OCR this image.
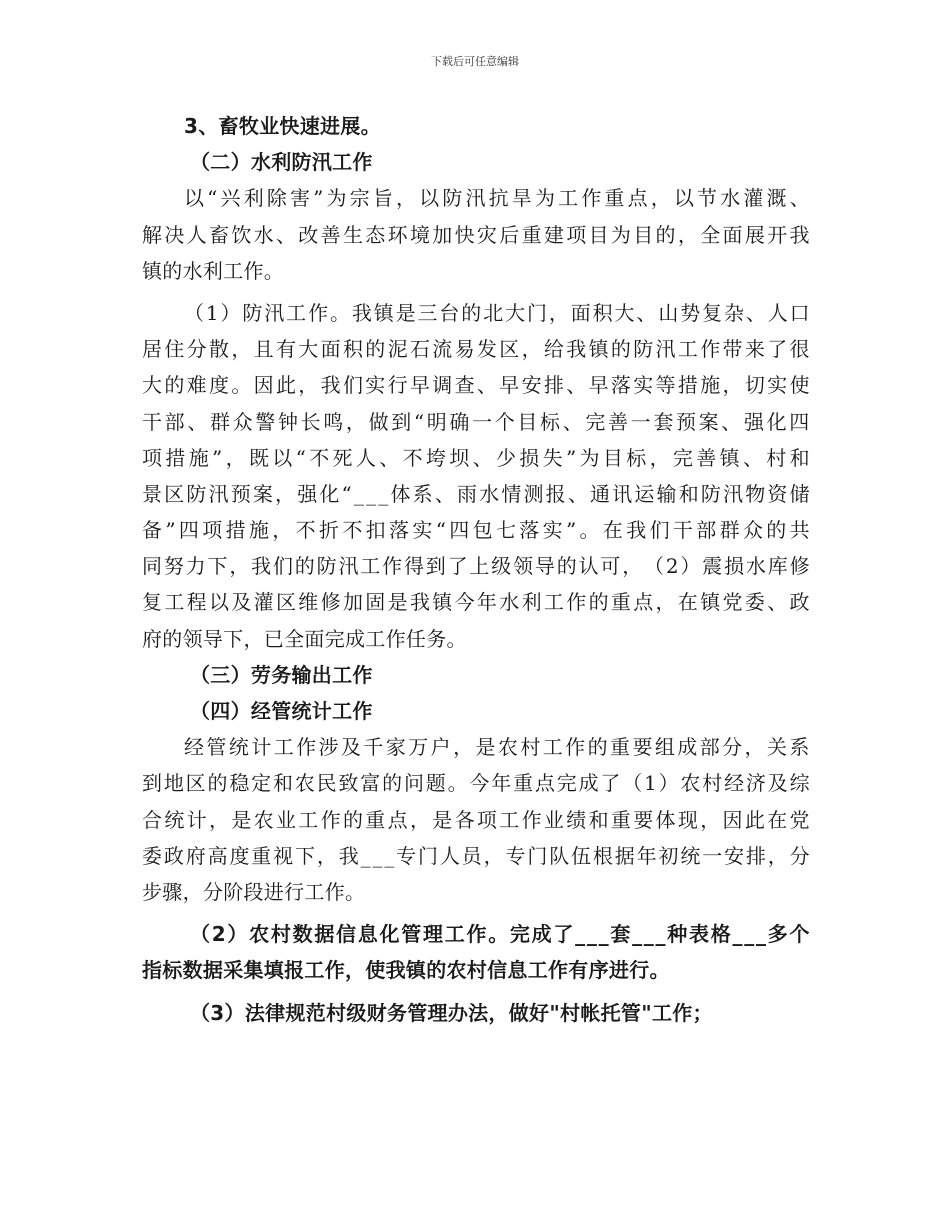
下载后可任意编辑
3、畜牧业快速进展。
（二）水利防汛工作
以 “ 兴 利 除 害 ” 为 宗 旨 ， 以 防 汛 抗 旱 为 工 作 重 点 ， 以 节 水 灌 溉 、
解 决 人 畜 饮 水 、 改 善 生 态 环 境 加 快 灾 后 重 建 项 目 为 目 的 ， 全 面 展 开 我
镇的水利工作。
（ 1 ） 防 汛 工 作 。 我 镇 是 三 台 的 北 大 门 ， 面 积 大 、 山 势 复 杂 、 人 口
居 住 分 散 ， 且 有 大 面 积 的 泥 石 流 易 发 区 ， 给 我 镇 的 防 汛 工 作 带 来 了 很
大 的 难 度 。 因 此 ， 我 们 实 行 早 调 查 、 早 安 排 、 早 落 实 等 措 施 ， 切 实 使
干 部 、 群 众 警 钟 长 鸣 ， 做 到 “ 明 确 一 个 目 标 、 完 善 一 套 预 案 、 强 化 四
项 措 施 ” ， 既 以 “ 不 死 人 、 不 垮 坝 、 少 损 失 ” 为 目 标 ， 完 善 镇 、 村 和
景 区 防 汛 预 案 ， 强 化 “ _ _ _ 体 系 、 雨 水 情 测 报 、 通 讯 运 输 和 防 汛 物 资 储
备 ” 四 项 措 施 ， 不 折 不 扣 落 实 “ 四 包 七 落 实 ” 。 在 我 们 干 部 群 众 的 共
同 努 力 下 ， 我 们 的 防 汛 工 作 得 到 了 上 级 领 导 的 认 可 ， （ 2 ） 震 损 水 库 修
复 工 程 以 及 灌 区 维 修 加 固 是 我 镇 今 年 水 利 工 作 的 重 点 ， 在 镇 党 委 、 政
府的领导下，已全面完成工作任务。
（三）劳务输出工作
（四）经管统计工作
经 管 统 计 工 作 涉 及 千 家 万 户 ， 是 农 村 工 作 的 重 要 组 成 部 分 ， 关 系
到 地 区 的 稳 定 和 农 民 致 富 的 问 题 。 今 年 重 点 完 成 了 （ 1 ） 农 村 经 济 及 综
合 统 计 ， 是 农 业 工 作 的 重 点 ， 是 各 项 工 作 业 绩 和 重 要 体 现 ， 因 此 在 党
委 政 府 高 度 重 视 下 ， 我 _ _ _ 专 门 人 员 ， 专 门 队 伍 根 据 年 初 统 一 安 排 ， 分
步骤，分阶段进行工作。
（ 2 ） 农 村 数 据 信 息 化 管 理 工 作 。 完 成 了 _ _ _ 套 _ _ _ 种 表 格 _ _ _ 多 个
指标数据采集填报工作，使我镇的农村信息工作有序进行。
（3）法律规范村级财务管理办法，做好"村帐托管"工作；
